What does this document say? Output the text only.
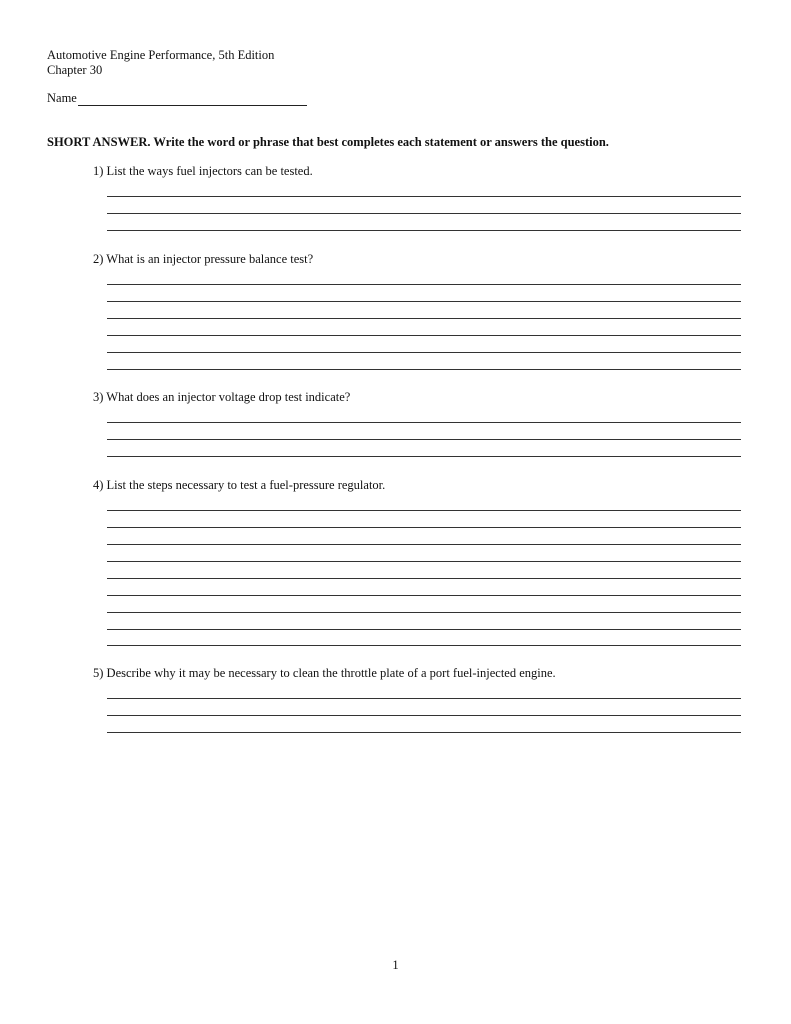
Automotive Engine Performance, 5th Edition
Chapter 30
Name
SHORT ANSWER. Write the word or phrase that best completes each statement or answers the question.
1) List the ways fuel injectors can be tested.
2) What is an injector pressure balance test?
3) What does an injector voltage drop test indicate?
4) List the steps necessary to test a fuel-pressure regulator.
5) Describe why it may be necessary to clean the throttle plate of a port fuel-injected engine.
1
